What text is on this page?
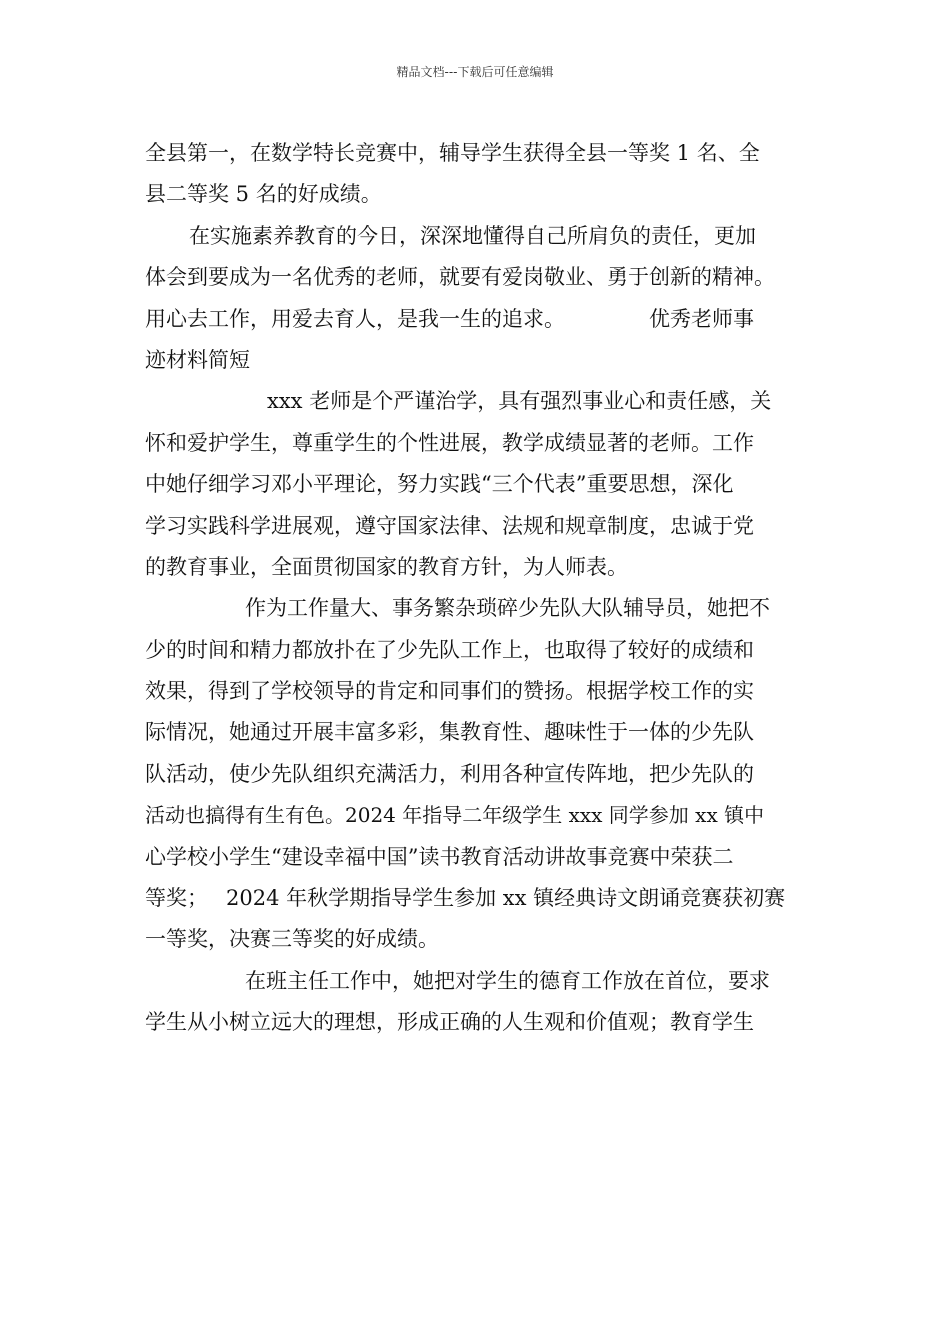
精品文档---下载后可任意编辑
全县第一，在数学特长竞赛中，辅导学生获得全县一等奖 1 名、全
县二等奖 5 名的好成绩。
在实施素养教育的今日，深深地懂得自己所肩负的责任，更加
体会到要成为一名优秀的老师，就要有爱岗敬业、勇于创新的精神。
用心去工作，用爱去育人，是我一生的追求。	优秀老师事
迹材料简短
xxx 老师是个严谨治学，具有强烈事业心和责任感，关
怀和爱护学生，尊重学生的个性进展，教学成绩显著的老师。工作
中她仔细学习邓小平理论，努力实践“三个代表”重要思想，深化
学习实践科学进展观，遵守国家法律、法规和规章制度，忠诚于党
的教育事业，全面贯彻国家的教育方针，为人师表。
作为工作量大、事务繁杂琐碎少先队大队辅导员，她把不
少的时间和精力都放扑在了少先队工作上，也取得了较好的成绩和
效果，得到了学校领导的肯定和同事们的赞扬。根据学校工作的实
际情况，她通过开展丰富多彩，集教育性、趣味性于一体的少先队
队活动，使少先队组织充满活力，利用各种宣传阵地，把少先队的
活动也搞得有生有色。2024 年指导二年级学生 xxx 同学参加 xx 镇中
心学校小学生“建设幸福中国”读书教育活动讲故事竞赛中荣获二
等奖； 2024 年秋学期指导学生参加 xx 镇经典诗文朗诵竞赛获初赛
一等奖，决赛三等奖的好成绩。
在班主任工作中，她把对学生的德育工作放在首位，要求
学生从小树立远大的理想，形成正确的人生观和价值观；教育学生
